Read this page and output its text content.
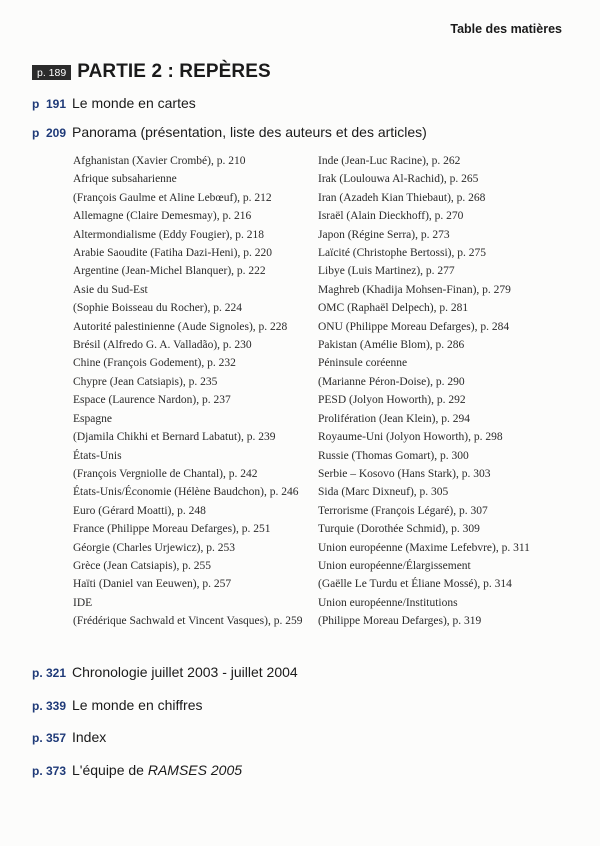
Table des matières
p. 189 PARTIE 2 : REPÈRES
p 191 Le monde en cartes
p 209 Panorama (présentation, liste des auteurs et des articles)
Afghanistan (Xavier Crombé), p. 210
Afrique subsaharienne
(François Gaulme et Aline Lebœuf), p. 212
Allemagne (Claire Demesmay), p. 216
Altermondialisme (Eddy Fougier), p. 218
Arabie Saoudite (Fatiha Dazi-Heni), p. 220
Argentine (Jean-Michel Blanquer), p. 222
Asie du Sud-Est
(Sophie Boisseau du Rocher), p. 224
Autorité palestinienne (Aude Signoles), p. 228
Brésil (Alfredo G. A. Valladão), p. 230
Chine (François Godement), p. 232
Chypre (Jean Catsiapis), p. 235
Espace (Laurence Nardon), p. 237
Espagne
(Djamila Chikhi et Bernard Labatut), p. 239
États-Unis
(François Vergniolle de Chantal), p. 242
États-Unis/Économie (Hélène Baudchon), p. 246
Euro (Gérard Moatti), p. 248
France (Philippe Moreau Defarges), p. 251
Géorgie (Charles Urjewicz), p. 253
Grèce (Jean Catsiapis), p. 255
Haïti (Daniel van Eeuwen), p. 257
IDE
(Frédérique Sachwald et Vincent Vasques), p. 259
Inde (Jean-Luc Racine), p. 262
Irak (Loulouwa Al-Rachid), p. 265
Iran (Azadeh Kian Thiebaut), p. 268
Israël (Alain Dieckhoff), p. 270
Japon (Régine Serra), p. 273
Laïcité (Christophe Bertossi), p. 275
Libye (Luis Martinez), p. 277
Maghreb (Khadija Mohsen-Finan), p. 279
OMC (Raphaël Delpech), p. 281
ONU (Philippe Moreau Defarges), p. 284
Pakistan (Amélie Blom), p. 286
Péninsule coréenne
(Marianne Péron-Doise), p. 290
PESD (Jolyon Howorth), p. 292
Prolifération (Jean Klein), p. 294
Royaume-Uni (Jolyon Howorth), p. 298
Russie (Thomas Gomart), p. 300
Serbie – Kosovo (Hans Stark), p. 303
Sida (Marc Dixneuf), p. 305
Terrorisme (François Légaré), p. 307
Turquie (Dorothée Schmid), p. 309
Union européenne (Maxime Lefebvre), p. 311
Union européenne/Élargissement
(Gaëlle Le Turdu et Éliane Mossé), p. 314
Union européenne/Institutions
(Philippe Moreau Defarges), p. 319
p. 321 Chronologie juillet 2003 - juillet 2004
p. 339 Le monde en chiffres
p. 357 Index
p. 373 L'équipe de RAMSES 2005
